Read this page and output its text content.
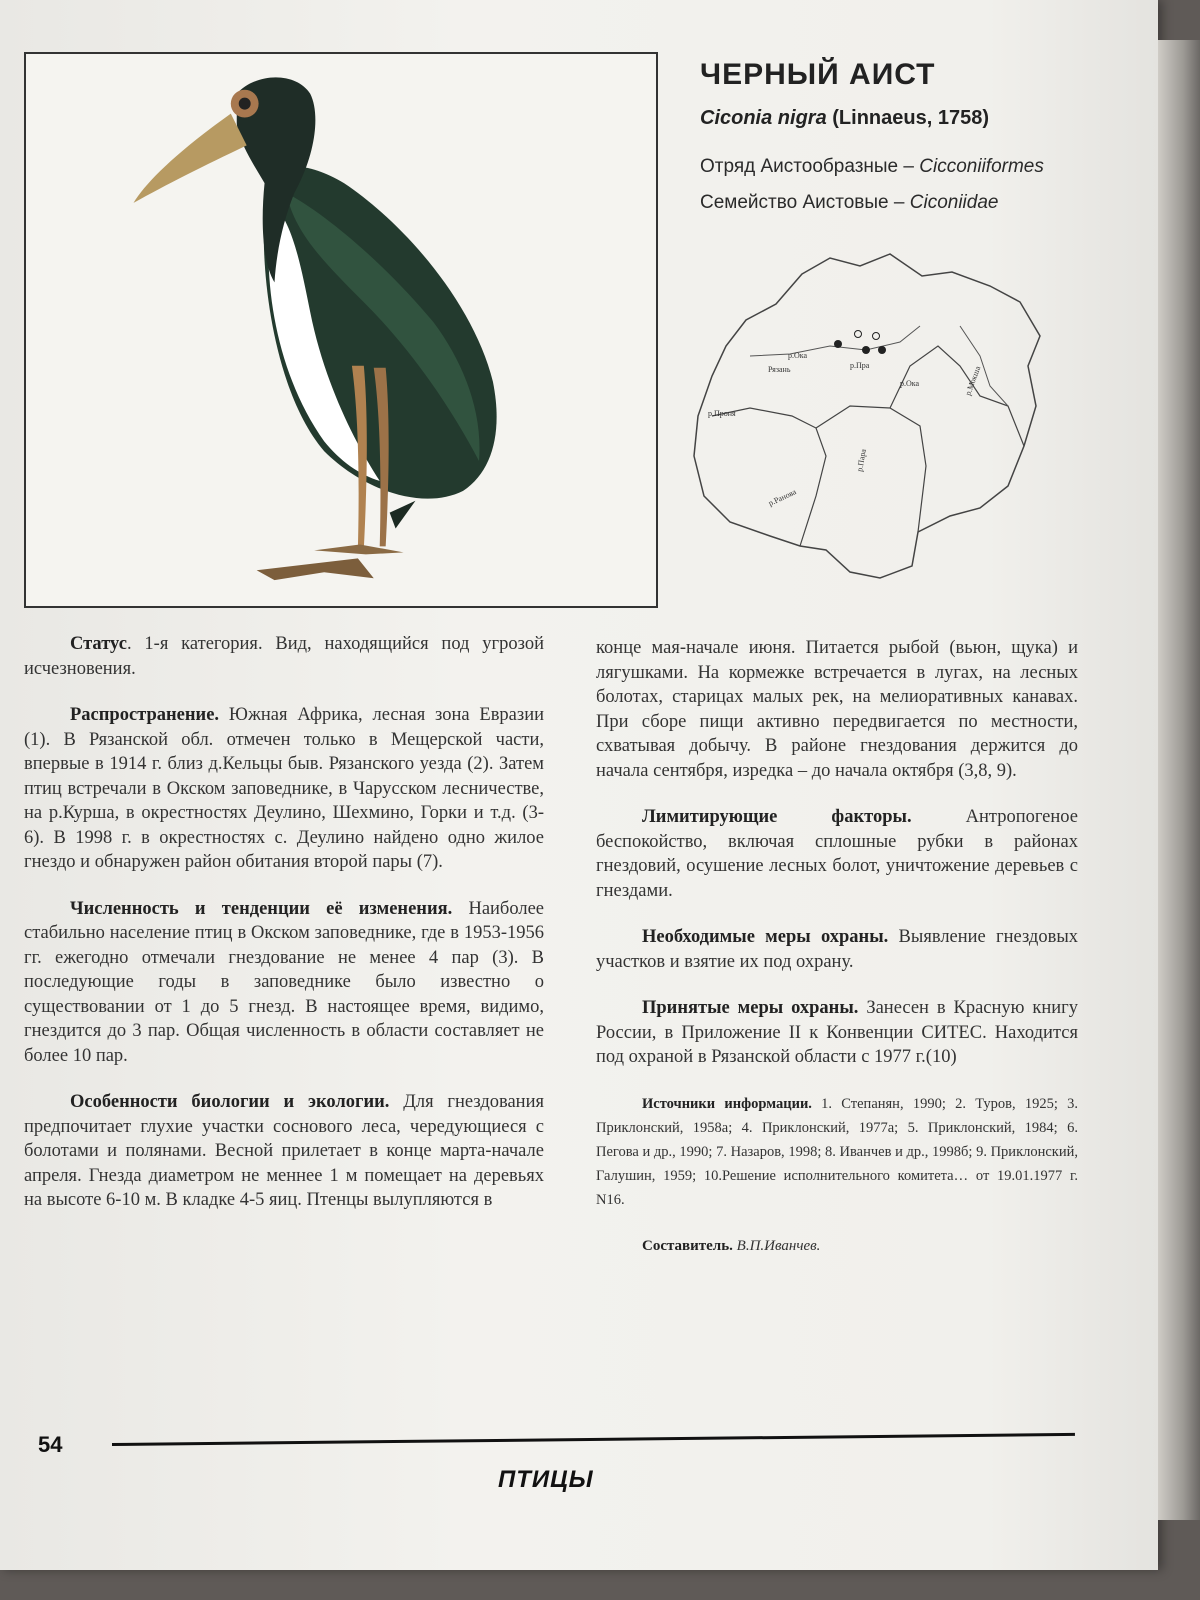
ЧЕРНЫЙ АИСТ
Ciconia nigra (Linnaeus, 1758)
Отряд Аистообразные – Cicconiiformes
Семейство Аистовые – Ciconiidae
р.Ока
р.Пра
р.Ока	р.Мокша
р.Проня
р.Пара
р.Ранова
Рязань

Статус. 1-я категория. Вид, находящийся под угрозой исчезновения.

Распространение. Южная Африка, лесная зона Евразии (1). В Рязанской обл. отмечен только в Мещерской части, впервые в 1914 г. близ д.Кельцы быв. Рязанского уезда (2). Затем птиц встречали в Окском заповеднике, в Чарусском лесничестве, на р.Курша, в окрестностях Деулино, Шехмино, Горки и т.д. (3-6). В 1998 г. в окрестностях с. Деулино найдено одно жилое гнездо и обнаружен район обитания второй пары (7).

Численность и тенденции её изменения. Наиболее стабильно население птиц в Окском заповеднике, где в 1953-1956 гг. ежегодно отмечали гнездование не менее 4 пар (3). В последующие годы в заповеднике было известно о существовании от 1 до 5 гнезд. В настоящее время, видимо, гнездится до 3 пар. Общая численность в области составляет не более 10 пар.

Особенности биологии и экологии. Для гнездования предпочитает глухие участки соснового леса, чередующиеся с болотами и полянами. Весной прилетает в конце марта-начале апреля. Гнезда диаметром не меннее 1 м помещает на деревьях на высоте 6-10 м. В кладке 4-5 яиц. Птенцы вылупляются в

конце мая-начале июня. Питается рыбой (вьюн, щука) и лягушками. На кормежке встречается в лугах, на лесных болотах, старицах малых рек, на мелиоративных канавах. При сборе пищи активно передвигается по местности, схватывая добычу. В районе гнездования держится до начала сентября, изредка – до начала октября (3,8, 9).

Лимитирующие факторы. Антропогеное беспокойство, включая сплошные рубки в районах гнездовий, осушение лесных болот, уничтожение деревьев с гнездами.

Необходимые меры охраны. Выявление гнездовых участков и взятие их под охрану.

Принятые меры охраны. Занесен в Красную книгу России, в Приложение II к Конвенции СИТЕС. Находится под охраной в Рязанской области с 1977 г.(10)

Источники информации. 1. Степанян, 1990; 2. Туров, 1925; 3. Приклонский, 1958а; 4. Приклонский, 1977а; 5. Приклонский, 1984; 6. Пегова и др., 1990; 7. Назаров, 1998; 8. Иванчев и др., 1998б; 9. Приклонский, Галушин, 1959; 10.Решение исполнительного комитета… от 19.01.1977 г. N16.

Составитель. В.П.Иванчев.

54
ПТИЦЫ
